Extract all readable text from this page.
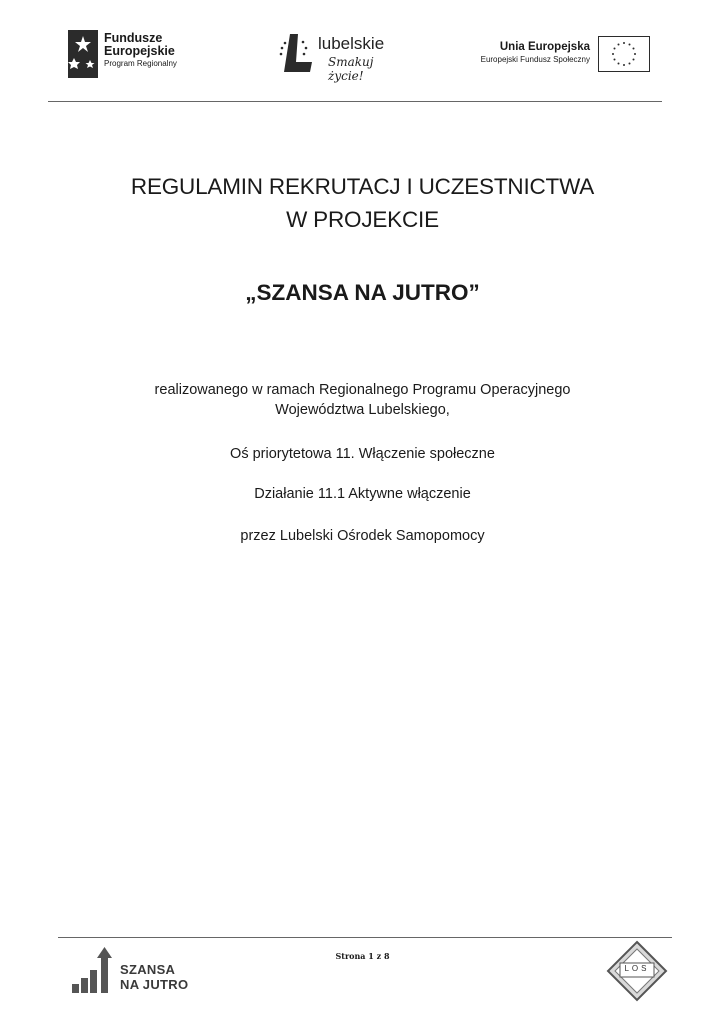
Fundusze
Europejskie
Program Regionalny
lubelskie
Smakuj życie!
Unia Europejska
Europejski Fundusz Społeczny
REGULAMIN REKRUTACJ I UCZESTNICTWA
W PROJEKCIE
„SZANSA NA JUTRO”
realizowanego w ramach Regionalnego Programu Operacyjnego
Województwa Lubelskiego,
Oś priorytetowa 11. Włączenie społeczne
Działanie 11.1 Aktywne włączenie
przez Lubelski Ośrodek Samopomocy
Strona 1 z 8
SZANSA
NA JUTRO
LOS
